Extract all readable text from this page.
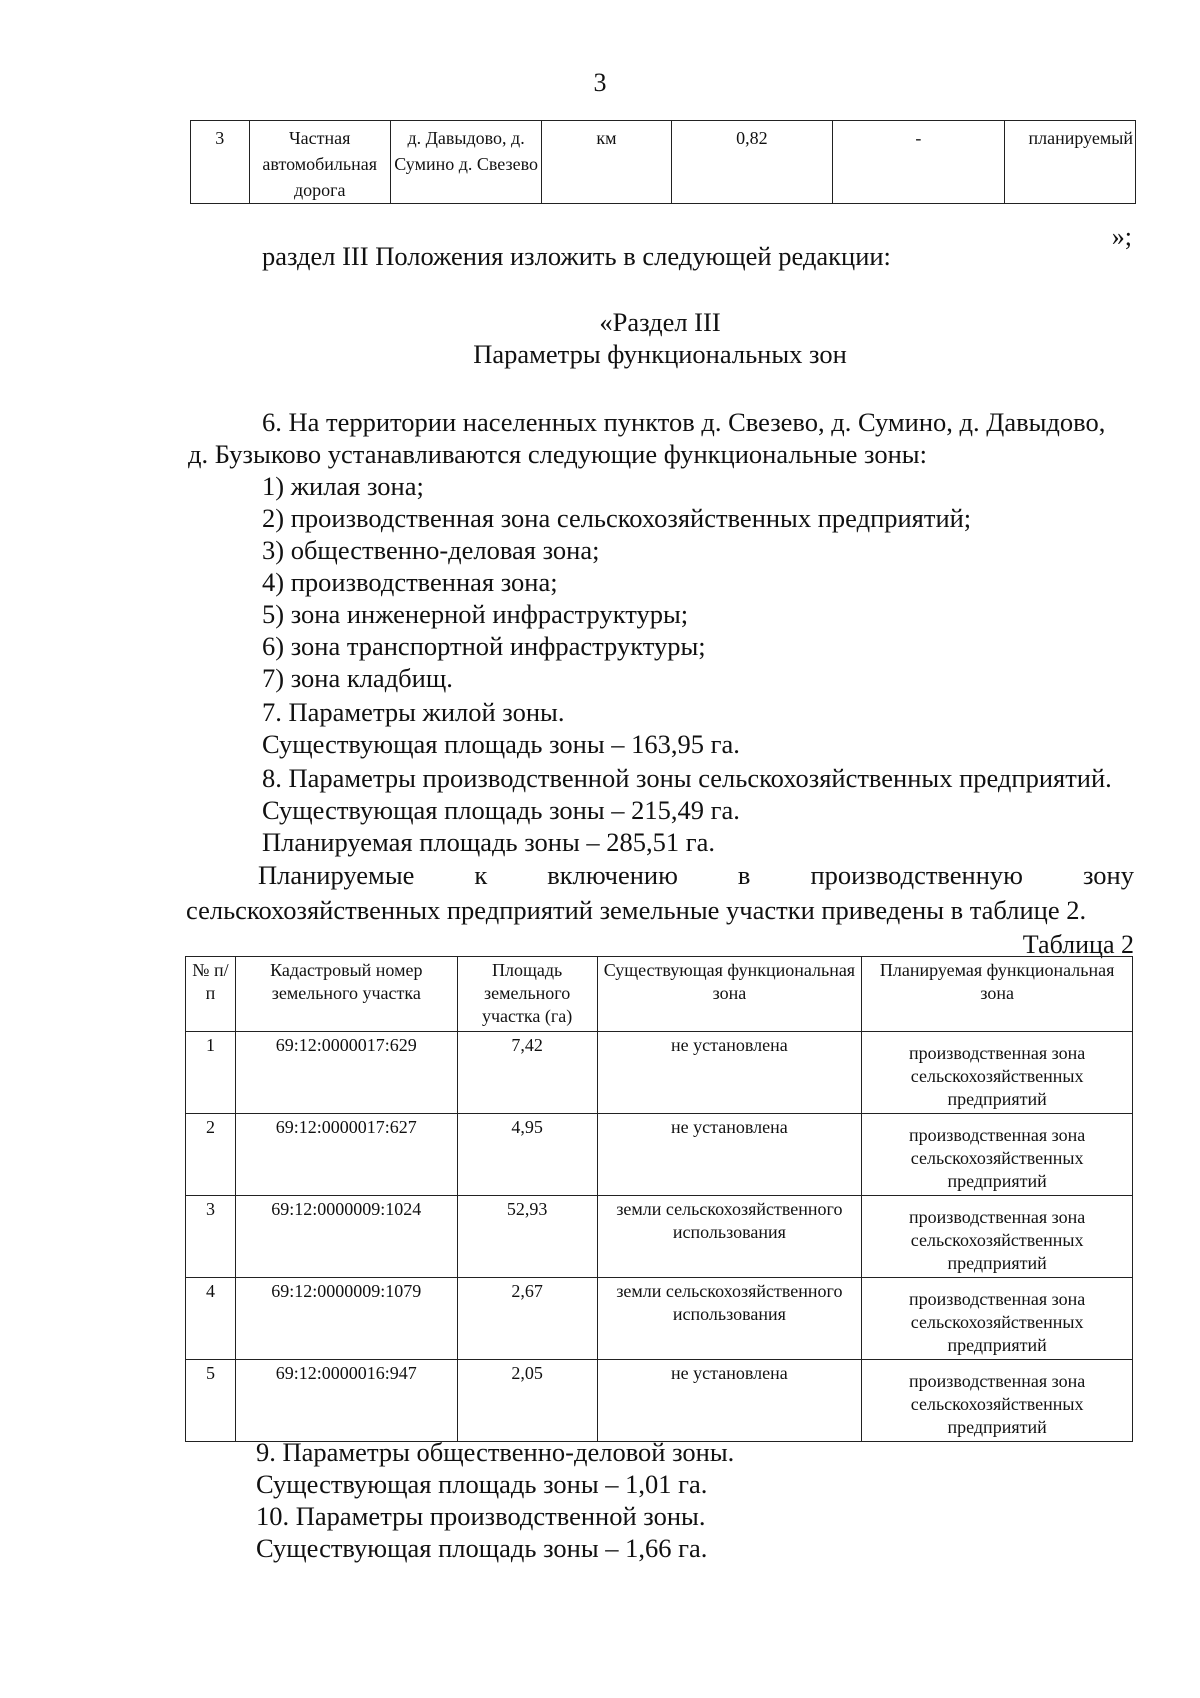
3
3	Частная автомобильная дорога	д. Давыдово, д. Сумино д. Свезево	км	0,82	-	планируемый
»;
раздел III Положения изложить в следующей редакции:
«Раздел III
Параметры функциональных зон
6. На территории населенных пунктов д. Свезево, д. Сумино, д. Давыдово,
д. Бузыково устанавливаются следующие функциональные зоны:
1) жилая зона;
2) производственная зона сельскохозяйственных предприятий;
3) общественно-деловая зона;
4) производственная зона;
5) зона инженерной инфраструктуры;
6) зона транспортной инфраструктуры;
7) зона кладбищ.
7. Параметры жилой зоны.
Существующая площадь зоны – 163,95 га.
8. Параметры производственной зоны сельскохозяйственных предприятий.
Существующая площадь зоны – 215,49 га.
Планируемая площадь зоны – 285,51 га.
Планируемые к включению в производственную зону
сельскохозяйственных предприятий земельные участки приведены в таблице 2.
Таблица 2
№ п/п	Кадастровый номер земельного участка	Площадь земельного участка (га)	Существующая функциональная зона	Планируемая функциональная зона
1	69:12:0000017:629	7,42	не установлена	производственная зона сельскохозяйственных предприятий
2	69:12:0000017:627	4,95	не установлена	производственная зона сельскохозяйственных предприятий
3	69:12:0000009:1024	52,93	земли сельскохозяйственного использования	производственная зона сельскохозяйственных предприятий
4	69:12:0000009:1079	2,67	земли сельскохозяйственного использования	производственная зона сельскохозяйственных предприятий
5	69:12:0000016:947	2,05	не установлена	производственная зона сельскохозяйственных предприятий
9. Параметры общественно-деловой зоны.
Существующая площадь зоны – 1,01 га.
10. Параметры производственной зоны.
Существующая площадь зоны – 1,66 га.
